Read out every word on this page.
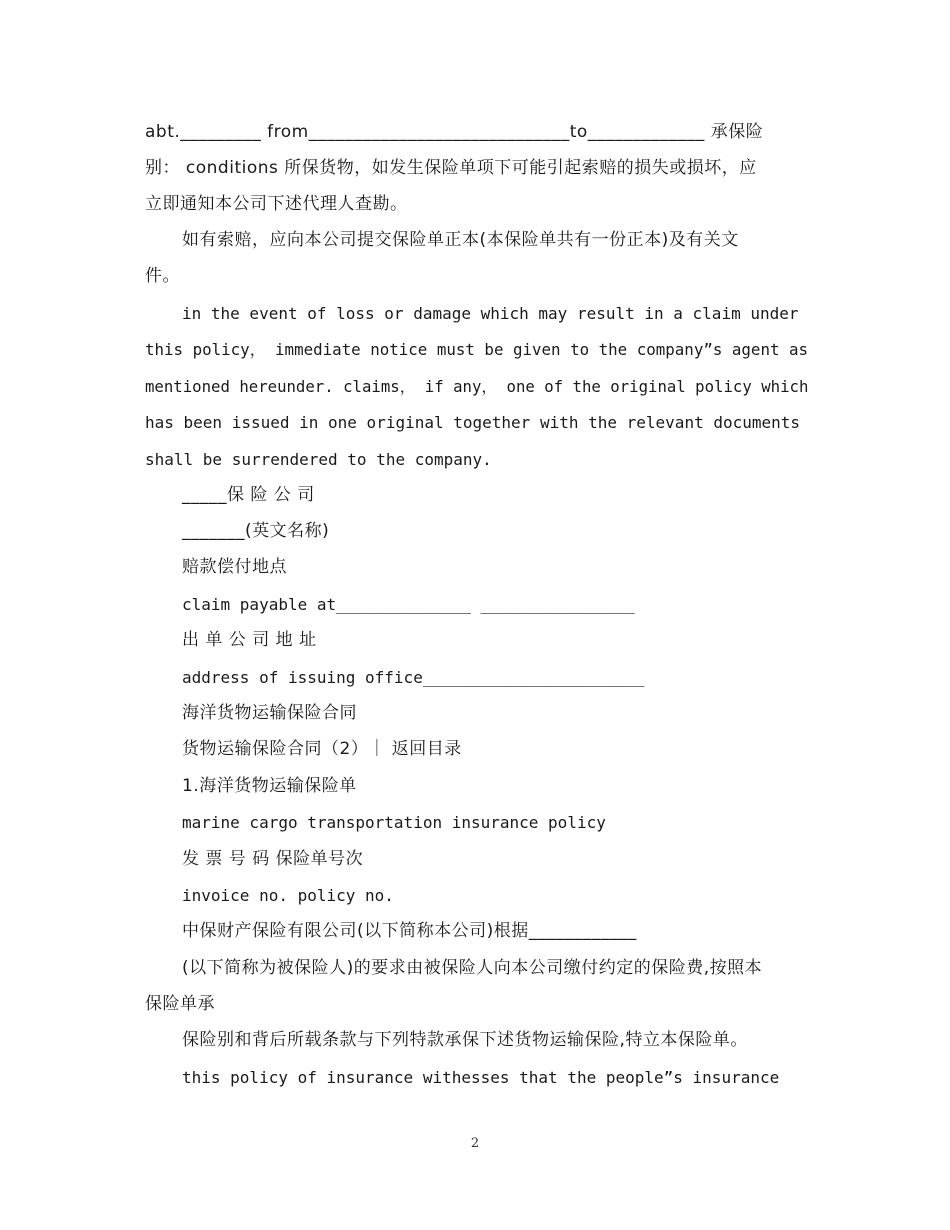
abt._________ from_____________________________to_____________ 承保险
别： conditions 所保货物，如发生保险单项下可能引起索赔的损失或损坏，应
立即通知本公司下述代理人查勘。
如有索赔，应向本公司提交保险单正本(本保险单共有一份正本)及有关文
件。
in the event of loss or damage which may result in a claim under
this policy， immediate notice must be given to the company”s agent as
mentioned hereunder. claims， if any， one of the original policy which
has been issued in one original together with the relevant documents
shall be surrendered to the company.
_____保 险 公 司
_______(英文名称)
赔款偿付地点
claim payable at______________ ________________
出 单 公 司 地 址
address of issuing office_______________________
海洋货物运输保险合同
货物运输保险合同（2）｜ 返回目录
1.海洋货物运输保险单
marine cargo transportation insurance policy
发 票 号 码 保险单号次
invoice no. policy no.
中保财产保险有限公司(以下简称本公司)根据____________
(以下简称为被保险人)的要求由被保险人向本公司缴付约定的保险费,按照本
保险单承
保险别和背后所载条款与下列特款承保下述货物运输保险,特立本保险单。
this policy of insurance withesses that the people”s insurance
2
